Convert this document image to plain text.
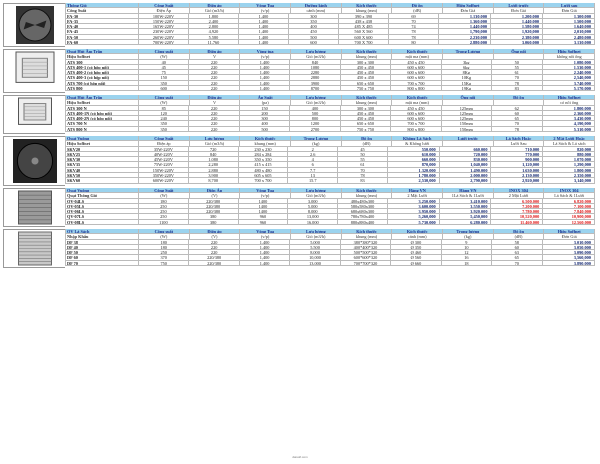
Thông Gió	Công Suất	Điện áp	Vòng Tua	Đường kính	Kích thước	Độ ồn	Hiệu Soffnet	Lưới trước	Lưới sau
Công Suất	Điện Áp	Gió (m3/h)	(v/p)	cánh (mm)	khung (mm)	(dB)	Đơn Giá	Đơn Giá	Đơn Giá
FA-30	100W-220V	1,800	1,400	300	390 x 390	69	1,130,000	1,200,000	1,300,000
FA-35	150W-220V	2,400	1,400	350	438 x 438	70	1,360,000	1,440,000	1,500,000
FA-40	165W-220V	2,800	1,400	400	485 X 485	74	1,440,000	1,580,000	1,640,000
FA-45	230W-220V	4,920	1,400	450	560 X 560	78	1,790,000	1,920,000	2,010,000
FA-50	260W-220V	5,580	1,400	500	600 X 600	78	2,230,000	2,380,000	2,480,000
FA-60	700W-220V	11,760	1,400	600	700 X 700	80	2,880,000	3,060,000	3,130,000
Quạt Hút Âm Trần	Công suất	Điện áp	Vòng tua	Lưu lượng	Kích thước	Kích thước	Trọng Lượng	Ống nối	Hiệu Soffnet
Hiệu Soffnet	(W)	V	(v/p)	Gió (m3/h)	khung (mm)	mặt ma (mm)	không nối ống
ATS 300	40	220	1,400	840	300 x 300	450 x 450	3kg	50	1,080,000
ATS 400-1 (có hộp nối)	45	220	1,400	1080	450 x 450	600 x 600	6kg	55	1,530,000
ATS 400-2 (có hộp nối)	75	220	1,400	2280	450 x 450	600 x 600	8Kg	61	2,240,000
ATS 400-3 (có hộp nối)	150	220	1,400	2880	450 x 450	600 x 600	10Kg	70	2,540,000
ATS 700 (có hộp nối)	350	220	1,400	3900	650 x 650	700 x 700	15Kg	78	3,740,000
ATS 800	600	220	1,400	8700	750 x 750	800 x 800	19Kg	83	5,170,000
Quạt Hút Âm Trần	Công suất	Điện áp	Áp Suất	Lưu lượng	Kích thước	Kích thước	Ống nối	Độ ồn	Hiệu Soffnet
Hiệu Soffnet	(W)	V	(pa)	Gió (m3/h)	khung (mm)	mặt ma (mm)	có nối ống
ATS 300 N	85	220	150	400	300 x 300	450 x 450	125mm	62	1,800,000
ATS 400-1N (có hộp nối)	120	220	200	500	450 x 450	600 x 600	125mm	60	2,360,000
ATS 400-2N (có hộp nối)	240	220	300	800	450 x 450	600 x 600	125mm	65	3,430,000
ATS 700 N	350	220	400	1200	650 x 650	700 x 700	150mm	70	4,190,000
ATS 800 N	350	220	500	2700	750 x 750	800 x 800	150mm	78	5,310,000
Quạt Vuông	Công Suất	Lưu lượng	Kích thước	Trọng Lượng	Độ ồn	Không Lá Sách	Lưới trước	Lá Sách Hoặc	2 Mặt Lưới Hoặc
Hiệu Soffnet	Điện áp	Gió (m3/h)	khung (mm)	(kg)	(dB)	& Không lưới	Lưới Sau	Lá Sách & Lá sách
SKV20	35W-220V	720	230 x 230	2	45	550,000	660,000	710,000	820,000
SKV25	40W-220V	840	284 x 284	2.6	50	610,000	720,000	770,000	880,000
SKV30	45W-220V	1,080	350 x 350	4	55	660,000	830,000	900,000	1,070,000
SKV35	75W-220V	2,280	415 x 415	6	61	870,000	1,040,000	1,120,000	1,290,000
SKV40	150W-220V	2,880	480 x 480	7.7	70	1,320,000	1,490,000	1,630,000	1,800,000
SKV50	350W-220V	3,900	605 x 605	13	78	1,780,000	2,000,000	2,130,000	2,350,000
SKV60	600W-220V	8,700	700 x 700	15.7	83	2,530,000	2,790,000	2,920,000	3,140,000
Quạt Vuông	Công Suất	Điện Áp	Vòng Tua	Lưu lượng	Kích thước	Hàng VN	Hàng VN	INOX 304	INOX 304
Quạt Thông Gió	(W)	(V)	(v/p)	Gió (m3/h)	khung (mm)	2 Mặt Lưới	1Lá Sách & 1Lưới	2 Mặt Lưới	Lá Sách & 1Lưới
QV-04LS	180	220/380	1400	3,000	480x480x300	3,250,000	3,410,000	6,500,000	6,820,000
QV-05LS	250	220/380	1400	5,000	580x580x300	3,600,000	3,550,000	7,200,000	7,100,000
QV-06LS	250	220/380	1400	8,000	680x680x300	3,950,000	3,920,000	7,780,000	7,840,000
QV-07LS	250	380	960	13,000	780x780x400	5,260,000	5,450,000	10,520,000	10,900,000
QV-08LS	1100	380	960	16,000	880x880x400	5,730,000	6,280,000	11,460,000	12,560,000
QV Lá Sách	Công suất	Điện áp	Vòng Tua	Lưu lượng	Kích thước	Kích thước	Trọng lượng	Độ ồn	Hiệu Soffnet
Nhập Khẩu	(W)	(V)	(v/p)	Gió (m3/h)	khung (mm)	cánh (mm)	(kg)	(dB)	Đơn Giá
DF 38	180	220	1,400	5,000	380*380*320	Ø 300	9	58	3,010,000
DF 40	180	220	1,400	5,500	400*400*320	Ø 350	10	60	3,050,000
DF 50	250	220	1,400	8,000	500*500*320	Ø 460	12	63	3,090,000
DF 60	370	220/380	1,400	10,000	600*600*320	Ø 560	16	65	3,560,000
DF 70	750	220/380	1,400	13,000	700*700*320	Ø 660	18	70	3,890,000
daisoft.com
